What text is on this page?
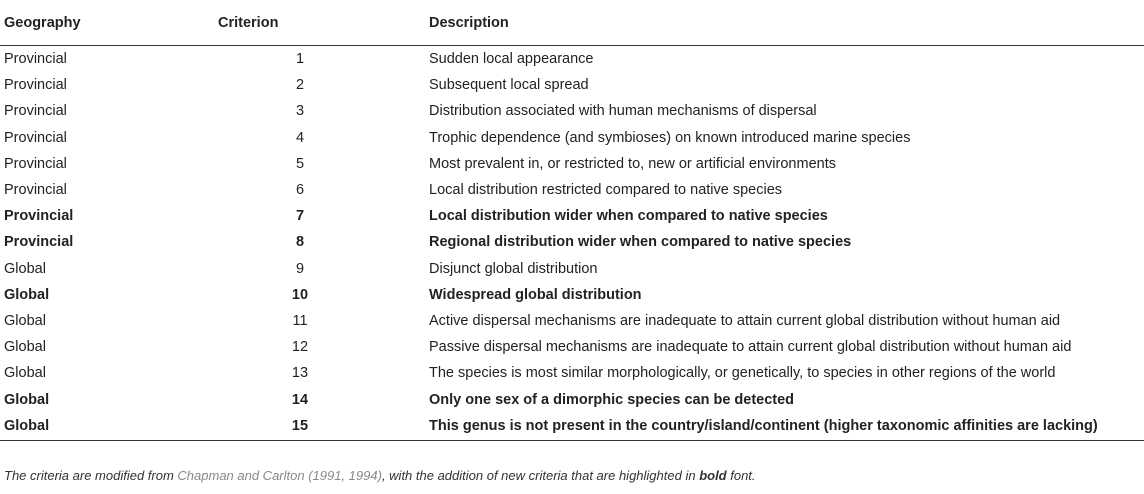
Geography	Criterion	Description
Provincial	1	Sudden local appearance
Provincial	2	Subsequent local spread
Provincial	3	Distribution associated with human mechanisms of dispersal
Provincial	4	Trophic dependence (and symbioses) on known introduced marine species
Provincial	5	Most prevalent in, or restricted to, new or artificial environments
Provincial	6	Local distribution restricted compared to native species
Provincial	7	Local distribution wider when compared to native species
Provincial	8	Regional distribution wider when compared to native species
Global	9	Disjunct global distribution
Global	10	Widespread global distribution
Global	11	Active dispersal mechanisms are inadequate to attain current global distribution without human aid
Global	12	Passive dispersal mechanisms are inadequate to attain current global distribution without human aid
Global	13	The species is most similar morphologically, or genetically, to species in other regions of the world
Global	14	Only one sex of a dimorphic species can be detected
Global	15	This genus is not present in the country/island/continent (higher taxonomic affinities are lacking)

The criteria are modified from Chapman and Carlton (1991, 1994), with the addition of new criteria that are highlighted in bold font.
